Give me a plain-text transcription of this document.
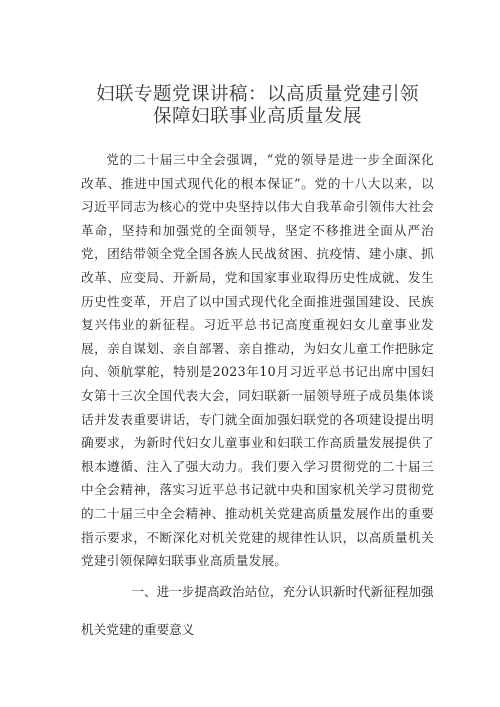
妇联专题党课讲稿：以高质量党建引领
保障妇联事业高质量发展

党的二十届三中全会强调，“党的领导是进一步全面深化改革、推进中国式现代化的根本保证”。党的十八大以来，以习近平同志为核心的党中央坚持以伟大自我革命引领伟大社会革命，坚持和加强党的全面领导，坚定不移推进全面从严治党，团结带领全党全国各族人民战贫困、抗疫情、建小康、抓改革、应变局、开新局，党和国家事业取得历史性成就、发生历史性变革，开启了以中国式现代化全面推进强国建设、民族复兴伟业的新征程。习近平总书记高度重视妇女儿童事业发展，亲自谋划、亲自部署、亲自推动，为妇女儿童工作把脉定向、领航掌舵，特别是2023年10月习近平总书记出席中国妇女第十三次全国代表大会，同妇联新一届领导班子成员集体谈话并发表重要讲话，专门就全面加强妇联党的各项建设提出明确要求，为新时代妇女儿童事业和妇联工作高质量发展提供了根本遵循、注入了强大动力。我们要入学习贯彻党的二十届三中全会精神，落实习近平总书记就中央和国家机关学习贯彻党的二十届三中全会精神、推动机关党建高质量发展作出的重要指示要求，不断深化对机关党建的规律性认识，以高质量机关党建引领保障妇联事业高质量发展。

一、进一步提高政治站位，充分认识新时代新征程加强机关党建的重要意义
